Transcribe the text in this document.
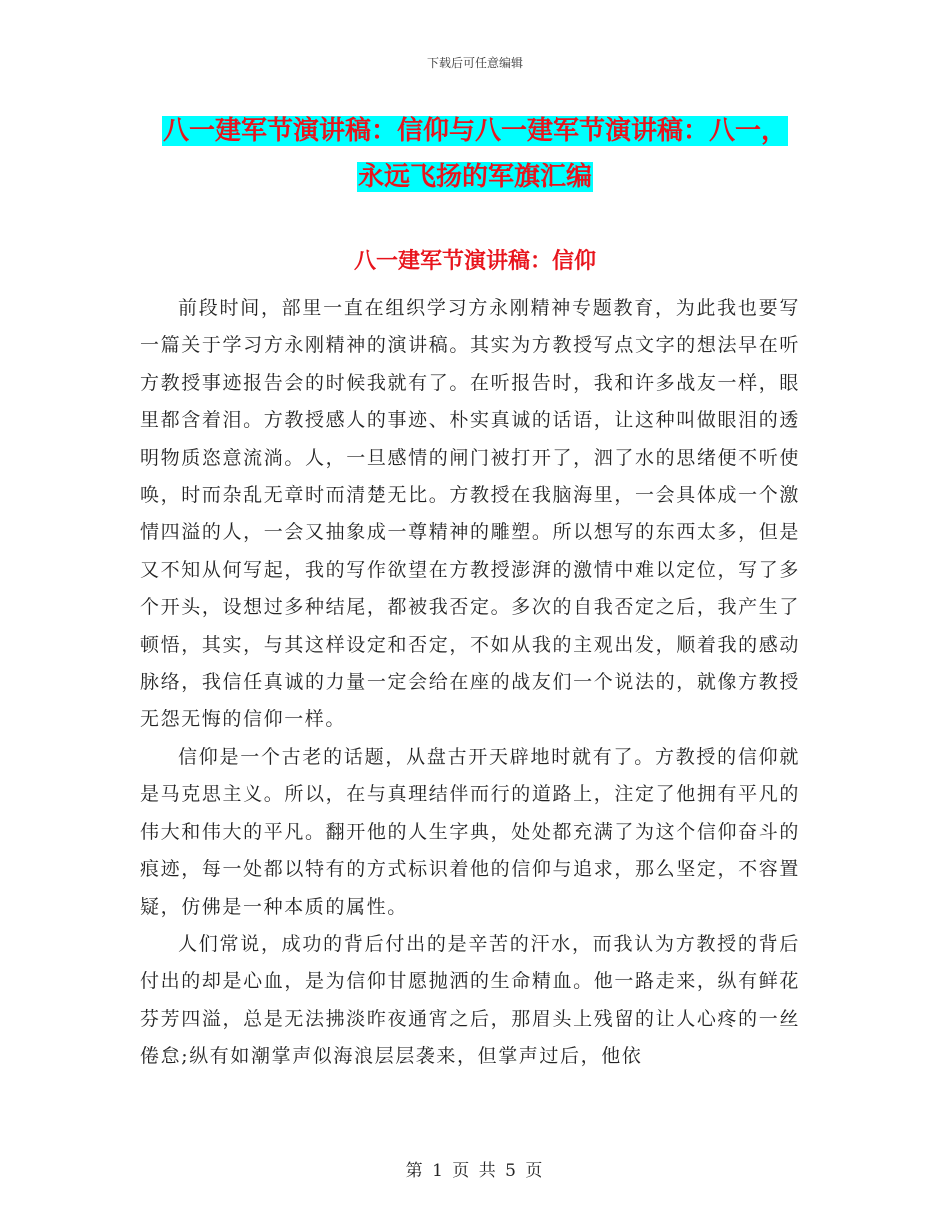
下载后可任意编辑
八一建军节演讲稿：信仰与八一建军节演讲稿：八一，
永远飞扬的军旗汇编
八一建军节演讲稿：信仰

前段时间，部里一直在组织学习方永刚精神专题教育，为此我也要写一篇关于学习方永刚精神的演讲稿。其实为方教授写点文字的想法早在听方教授事迹报告会的时候我就有了。在听报告时，我和许多战友一样，眼里都含着泪。方教授感人的事迹、朴实真诚的话语，让这种叫做眼泪的透明物质恣意流淌。人，一旦感情的闸门被打开了，泗了水的思绪便不听使唤，时而杂乱无章时而清楚无比。方教授在我脑海里，一会具体成一个激情四溢的人，一会又抽象成一尊精神的雕塑。所以想写的东西太多，但是又不知从何写起，我的写作欲望在方教授澎湃的激情中难以定位，写了多个开头，设想过多种结尾，都被我否定。多次的自我否定之后，我产生了顿悟，其实，与其这样设定和否定，不如从我的主观出发，顺着我的感动脉络，我信任真诚的力量一定会给在座的战友们一个说法的，就像方教授无怨无悔的信仰一样。

信仰是一个古老的话题，从盘古开天辟地时就有了。方教授的信仰就是马克思主义。所以，在与真理结伴而行的道路上，注定了他拥有平凡的伟大和伟大的平凡。翻开他的人生字典，处处都充满了为这个信仰奋斗的痕迹，每一处都以特有的方式标识着他的信仰与追求，那么坚定，不容置疑，仿佛是一种本质的属性。

人们常说，成功的背后付出的是辛苦的汗水，而我认为方教授的背后付出的却是心血，是为信仰甘愿抛洒的生命精血。他一路走来，纵有鲜花芬芳四溢，总是无法拂淡昨夜通宵之后，那眉头上残留的让人心疼的一丝倦怠;纵有如潮掌声似海浪层层袭来，但掌声过后，他依

第 1 页 共 5 页
